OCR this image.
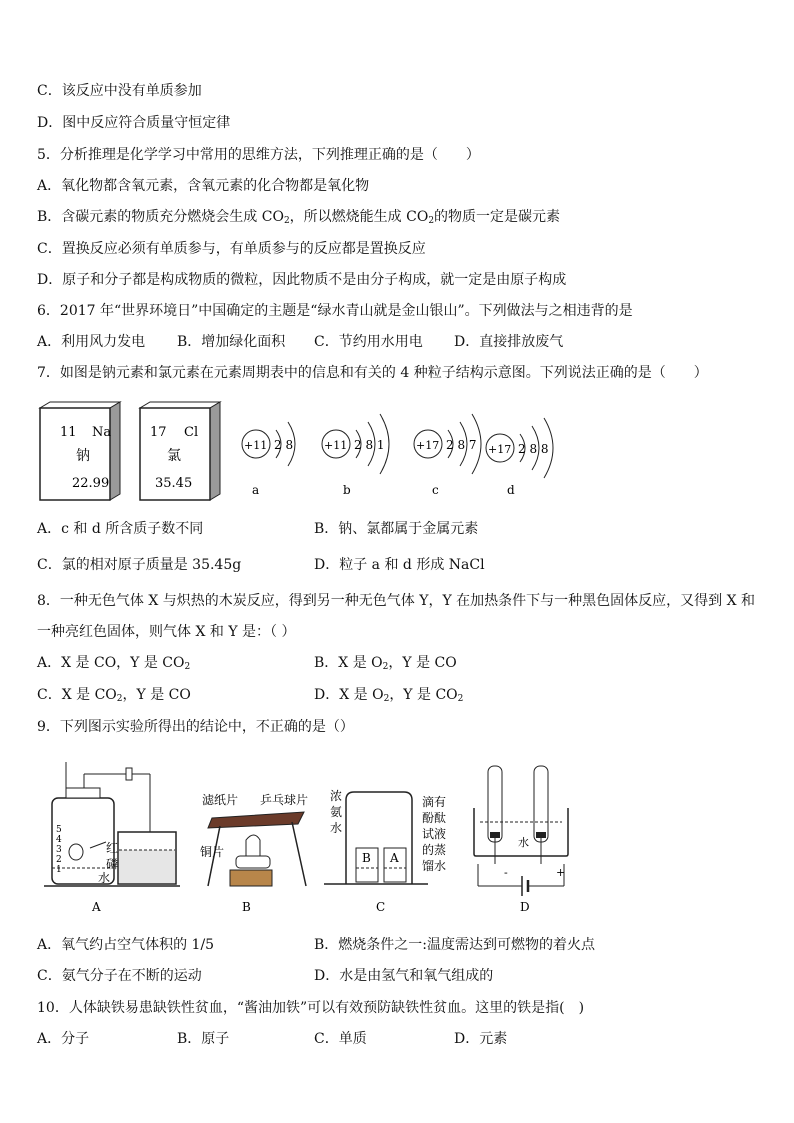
C．该反应中没有单质参加
D．图中反应符合质量守恒定律
5．分析推理是化学学习中常用的思维方法，下列推理正确的是（　　）
A．氧化物都含氧元素，含氧元素的化合物都是氧化物
B．含碳元素的物质充分燃烧会生成 $CO_2$，所以燃烧能生成 $CO_2$的物质一定是碳元素
C．置换反应必须有单质参与，有单质参与的反应都是置换反应
D．原子和分子都是构成物质的微粒，因此物质不是由分子构成，就一定是由原子构成
6．2017 年“世界环境日”中国确定的主题是“绿水青山就是金山银山”。下列做法与之相违背的是
A．利用风力发电 B．增加绿化面积 C．节约用水用电 D．直接排放废气
7．如图是钠元素和氯元素在元素周期表中的信息和有关的 4 种粒子结构示意图。下列说法正确的是（　　）
11 Na
钠
22.99
17 Cl
氯
35.45
+11 2 8
a
+11 2 8 1
b
+17 2 8 7
c
+17 2 8 8
d
A．c 和 d 所含质子数不同	B．钠、氯都属于金属元素
C．氯的相对原子质量是 35.45g	D．粒子 a 和 d 形成 NaCl
8．一种无色气体 X 与炽热的木炭反应，得到另一种无色气体 Y，Y 在加热条件下与一种黑色固体反应，又得到 X 和
一种亮红色固体，则气体 X 和 Y 是：（ ）
A．X 是 CO，Y 是 $CO_2$	B．X 是 $O_2$，Y 是 CO
C．X 是 $CO_2$，Y 是 CO	D．X 是 $O_2$，Y 是 $CO_2$
9．下列图示实验所得出的结论中，不正确的是（）
5
4
3
2
1
红
磷
水
A
滤纸片 乒乓球片
铜片
B
浓
氨
水
B A
滴有
酚酞
试液
的蒸
馏水
C
水
-	+
D
A．氧气约占空气体积的 1/5	B．燃烧条件之一:温度需达到可燃物的着火点
C．氨气分子在不断的运动	D．水是由氢气和氧气组成的
10．人体缺铁易患缺铁性贫血，“酱油加铁”可以有效预防缺铁性贫血。这里的铁是指(　)
A．分子	B．原子	C．单质	D．元素
